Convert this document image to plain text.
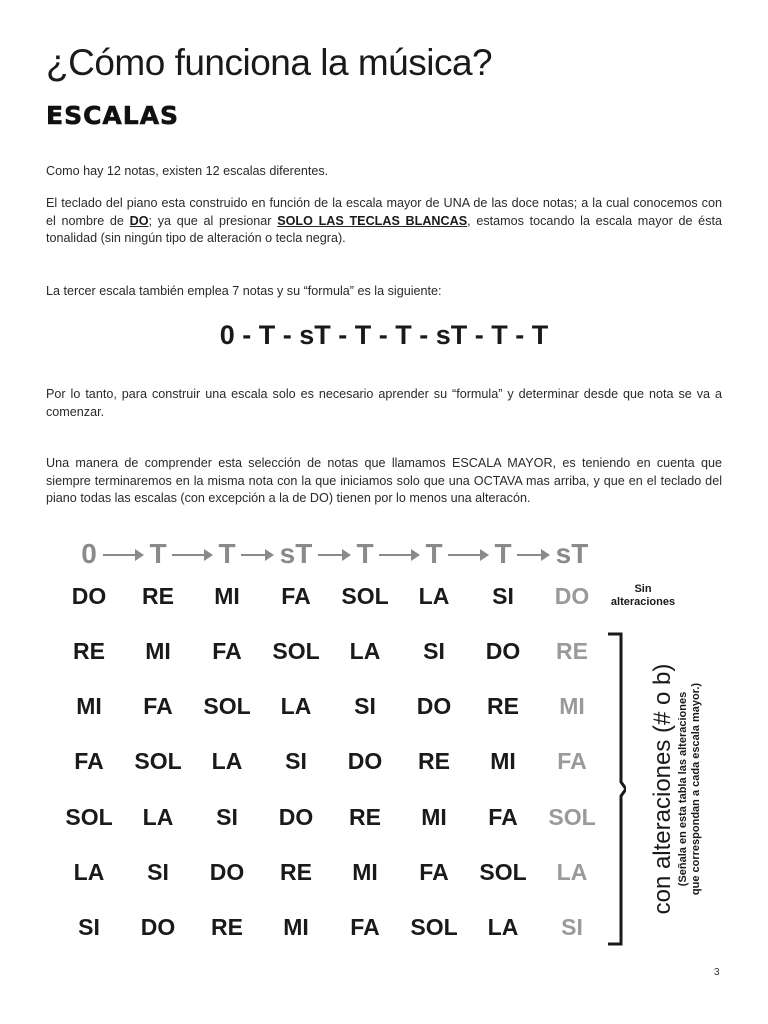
¿Cómo funciona la música?
ESCALAS

Como hay 12 notas, existen 12 escalas diferentes.

El teclado del piano esta construido en función de la escala mayor de UNA de las doce notas; a la cual conocemos con el nombre de DO; ya que al presionar SOLO LAS TECLAS BLANCAS, estamos tocando la escala mayor de ésta tonalidad (sin ningún tipo de alteración o tecla negra).

La tercer escala también emplea 7 notas y su “formula” es la siguiente:

0 - T - sT - T - T - sT - T - T

Por lo tanto, para construir una escala solo es necesario aprender su “formula” y determinar desde que nota se va a comenzar.

Una manera de comprender esta selección de notas que llamamos ESCALA MAYOR, es teniendo en cuenta que siempre terminaremos en la misma nota con la que iniciamos solo que una OCTAVA mas arriba, y que en el teclado del piano todas las escalas (con excepción a la de DO) tienen por lo menos una alteracón.

0	T	T	sT	T	T	T	sT
DO	RE	MI	FA	SOL	LA	SI	DO
RE	MI	FA	SOL	LA	SI	DO	RE
MI	FA	SOL	LA	SI	DO	RE	MI
FA	SOL	LA	SI	DO	RE	MI	FA
SOL	LA	SI	DO	RE	MI	FA	SOL
LA	SI	DO	RE	MI	FA	SOL	LA
SI	DO	RE	MI	FA	SOL	LA	SI
Sin
alteraciones
con alteraciones (# o b) (Señala en esta tabla las alteraciones que correspondan a cada escala mayor.)
3
